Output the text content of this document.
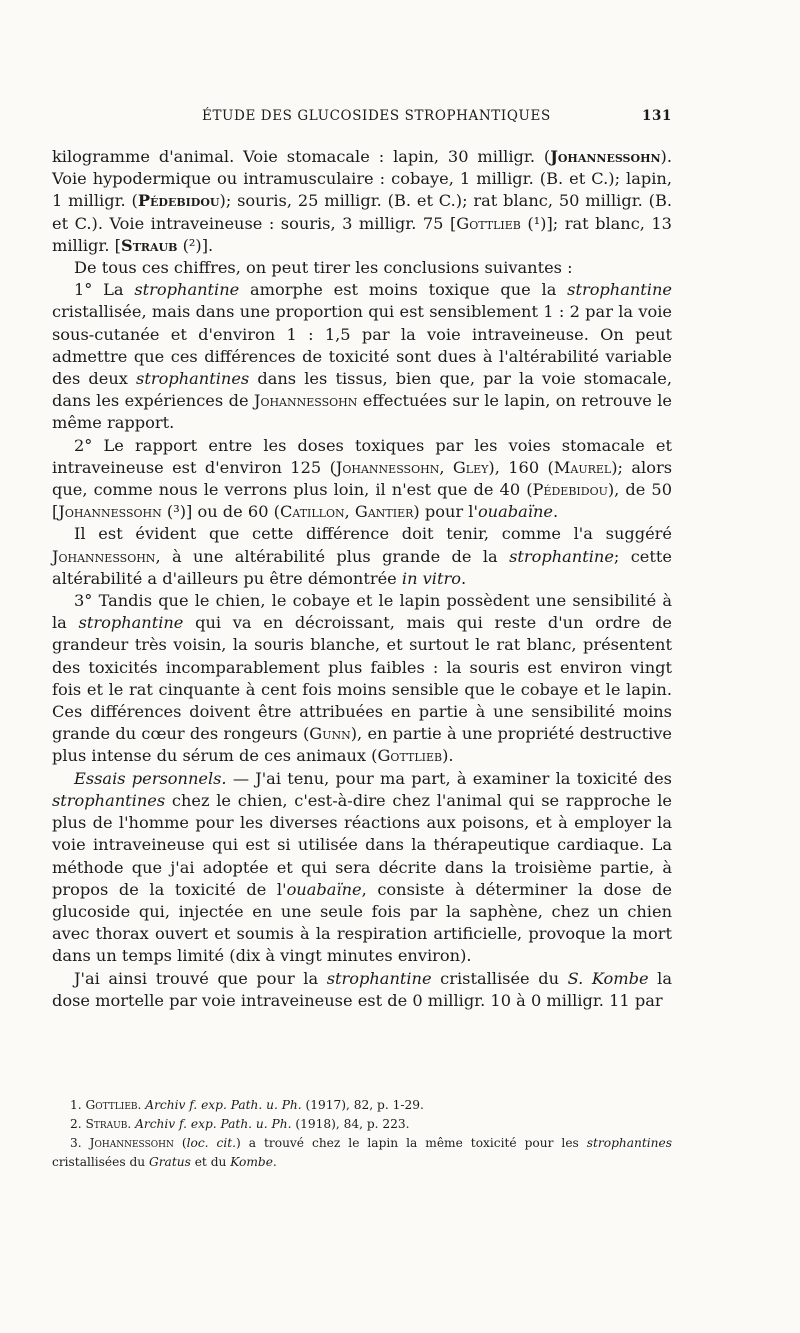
ÉTUDE DES GLUCOSIDES STROPHANTIQUES	131

kilogramme d'animal. Voie stomacale : lapin, 30 milligr. (Johannessohn). Voie hypodermique ou intramusculaire : cobaye, 1 milligr. (B. et C.); lapin, 1 milligr. (Pédebidou); souris, 25 milligr. (B. et C.); rat blanc, 50 milligr. (B. et C.). Voie intraveineuse : souris, 3 milligr. 75 [Gottlieb (¹)]; rat blanc, 13 milligr. [Straub (²)].

De tous ces chiffres, on peut tirer les conclusions suivantes :

1° La strophantine amorphe est moins toxique que la strophantine cristallisée, mais dans une proportion qui est sensiblement 1 : 2 par la voie sous-cutanée et d'environ 1 : 1,5 par la voie intraveineuse. On peut admettre que ces différences de toxicité sont dues à l'altérabilité variable des deux strophantines dans les tissus, bien que, par la voie stomacale, dans les expériences de Johannessohn effectuées sur le lapin, on retrouve le même rapport.

2° Le rapport entre les doses toxiques par les voies stomacale et intraveineuse est d'environ 125 (Johannessohn, Gley), 160 (Maurel); alors que, comme nous le verrons plus loin, il n'est que de 40 (Pédebidou), de 50 [Johannessohn (³)] ou de 60 (Catillon, Gantier) pour l'ouabaïne.

Il est évident que cette différence doit tenir, comme l'a suggéré Johannessohn, à une altérabilité plus grande de la strophantine; cette altérabilité a d'ailleurs pu être démontrée in vitro.

3° Tandis que le chien, le cobaye et le lapin possèdent une sensibilité à la strophantine qui va en décroissant, mais qui reste d'un ordre de grandeur très voisin, la souris blanche, et surtout le rat blanc, présentent des toxicités incomparablement plus faibles : la souris est environ vingt fois et le rat cinquante à cent fois moins sensible que le cobaye et le lapin. Ces différences doivent être attribuées en partie à une sensibilité moins grande du cœur des rongeurs (Gunn), en partie à une propriété destructive plus intense du sérum de ces animaux (Gottlieb).

Essais personnels. — J'ai tenu, pour ma part, à examiner la toxicité des strophantines chez le chien, c'est-à-dire chez l'animal qui se rapproche le plus de l'homme pour les diverses réactions aux poisons, et à employer la voie intraveineuse qui est si utilisée dans la thérapeutique cardiaque. La méthode que j'ai adoptée et qui sera décrite dans la troisième partie, à propos de la toxicité de l'ouabaïne, consiste à déterminer la dose de glucoside qui, injectée en une seule fois par la saphène, chez un chien avec thorax ouvert et soumis à la respiration artificielle, provoque la mort dans un temps limité (dix à vingt minutes environ).

J'ai ainsi trouvé que pour la strophantine cristallisée du S. Kombe la dose mortelle par voie intraveineuse est de 0 milligr. 10 à 0 milligr. 11 par

1. Gottlieb. Archiv f. exp. Path. u. Ph. (1917), 82, p. 1-29.

2. Straub. Archiv f. exp. Path. u. Ph. (1918), 84, p. 223.

3. Johannessohn (loc. cit.) a trouvé chez le lapin la même toxicité pour les strophantines cristallisées du Gratus et du Kombe.
